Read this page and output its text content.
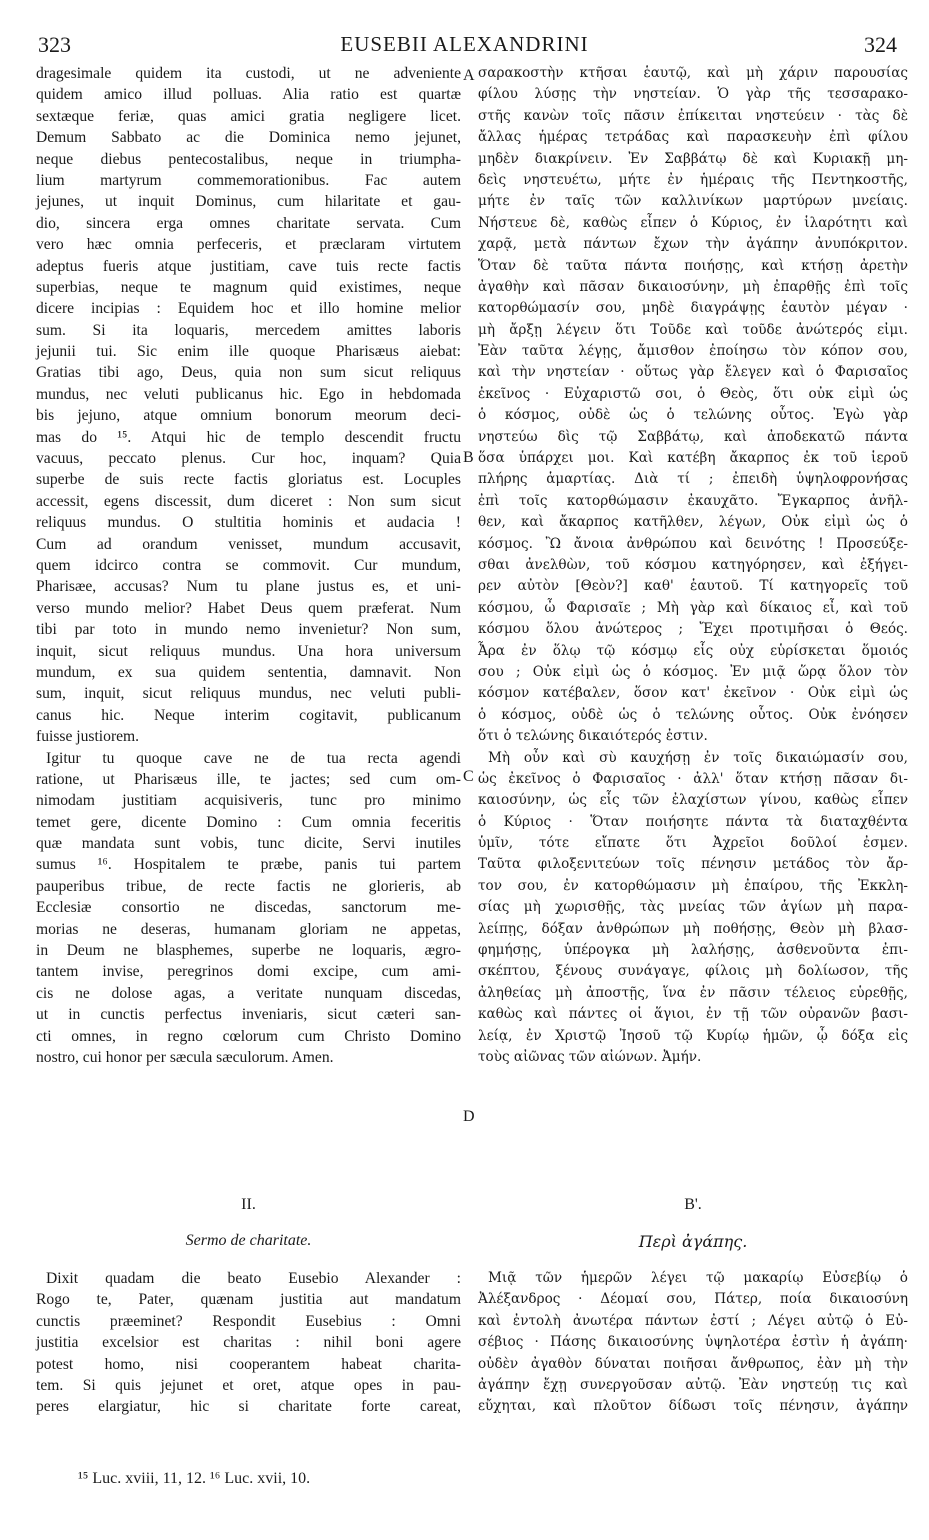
323	EUSEBII ALEXANDRINI	324
dragesimale quidem ita custodi, ut ne adveniente
quidem amico illud polluas. Alia ratio est quartæ
sextæque feriæ, quas amici gratia negligere licet.
Demum Sabbato ac die Dominica nemo jejunet,
neque diebus pentecostalibus, neque in triumpha-
lium martyrum commemorationibus. Fac autem
jejunes, ut inquit Dominus, cum hilaritate et gau-
dio, sincera erga omnes charitate servata. Cum
vero hæc omnia perfeceris, et præclaram virtutem
adeptus fueris atque justitiam, cave tuis recte factis
superbias, neque te magnum quid existimes, neque
dicere incipias : Equidem hoc et illo homine melior
sum. Si ita loquaris, mercedem amittes laboris
jejunii tui. Sic enim ille quoque Pharisæus aiebat:
Gratias tibi ago, Deus, quia non sum sicut reliquus
mundus, nec veluti publicanus hic. Ego in hebdomada
bis jejuno, atque omnium bonorum meorum deci-
mas do ¹⁵. Atqui hic de templo descendit fructu
vacuus, peccato plenus. Cur hoc, inquam? Quia
superbe de suis recte factis gloriatus est. Locuples
accessit, egens discessit, dum diceret : Non sum sicut
reliquus mundus. O stultitia hominis et audacia !
Cum ad orandum venisset, mundum accusavit,
quem idcirco contra se commovit. Cur mundum,
Pharisæe, accusas? Num tu plane justus es, et uni-
verso mundo melior? Habet Deus quem præferat. Num
tibi par toto in mundo nemo invenietur? Non sum,
inquit, sicut reliquus mundus. Una hora universum
mundum, ex sua quidem sententia, damnavit. Non
sum, inquit, sicut reliquus mundus, nec veluti publi-
canus hic. Neque interim cogitavit, publicanum
fuisse justiorem.
Igitur tu quoque cave ne de tua recta agendi
ratione, ut Pharisæus ille, te jactes; sed cum om-
nimodam justitiam acquisiveris, tunc pro minimo
temet gere, dicente Domino : Cum omnia feceritis
quæ mandata sunt vobis, tunc dicite, Servi inutiles
sumus ¹⁶. Hospitalem te præbe, panis tui partem
pauperibus tribue, de recte factis ne glorieris, ab
Ecclesiæ consortio ne discedas, sanctorum me-
morias ne deseras, humanam gloriam ne appetas,
in Deum ne blasphemes, superbe ne loquaris, ægro-
tantem invise, peregrinos domi excipe, cum ami-
cis ne dolose agas, a veritate nunquam discedas,
ut in cunctis perfectus inveniaris, sicut cæteri san-
cti omnes, in regno cœlorum cum Christo Domino
nostro, cui honor per sæcula sæculorum. Amen.
σαρακοστὴν κτῆσαι ἑαυτῷ, καὶ μὴ χάριν παρουσίας
φίλου λύσῃς τὴν νηστείαν. Ὁ γὰρ τῆς τεσσαρακο-
στῆς κανὼν τοῖς πᾶσιν ἐπίκειται νηστεύειν · τὰς δὲ
ἄλλας ἡμέρας τετράδας καὶ παρασκευὴν ἐπὶ φίλου
μηδὲν διακρίνειν. Ἐν Σαββάτῳ δὲ καὶ Κυριακῇ μη-
δεὶς νηστευέτω, μήτε ἐν ἡμέραις τῆς Πεντηκοστῆς,
μήτε ἐν ταῖς τῶν καλλινίκων μαρτύρων μνείαις.
Νήστευε δὲ, καθὼς εἶπεν ὁ Κύριος, ἐν ἱλαρότητι καὶ
χαρᾷ, μετὰ πάντων ἔχων τὴν ἀγάπην ἀνυπόκριτον.
Ὅταν δὲ ταῦτα πάντα ποιήσῃς, καὶ κτήσῃ ἀρετὴν
ἀγαθὴν καὶ πᾶσαν δικαιοσύνην, μὴ ἐπαρθῇς ἐπὶ τοῖς
κατορθώμασίν σου, μηδὲ διαγράψῃς ἑαυτὸν μέγαν ·
μὴ ἄρξῃ λέγειν ὅτι Τοῦδε καὶ τοῦδε ἀνώτερός εἰμι.
Ἐὰν ταῦτα λέγῃς, ἄμισθον ἐποίησω τὸν κόπον σου,
καὶ τὴν νηστείαν · οὕτως γὰρ ἔλεγεν καὶ ὁ Φαρισαῖος
ἐκεῖνος · Εὐχαριστῶ σοι, ὁ Θεὸς, ὅτι οὐκ εἰμὶ ὡς
ὁ κόσμος, οὐδὲ ὡς ὁ τελώνης οὗτος. Ἐγὼ γὰρ
νηστεύω δὶς τῷ Σαββάτῳ, καὶ ἀποδεκατῶ πάντα
ὅσα ὑπάρχει μοι. Καὶ κατέβη ἄκαρπος ἐκ τοῦ ἱεροῦ
πλήρης ἁμαρτίας. Διὰ τί ; ἐπειδὴ ὑψηλοφρονήσας
ἐπὶ τοῖς κατορθώμασιν ἐκαυχᾶτο. Ἔγκαρπος ἀνῆλ-
θεν, καὶ ἄκαρπος κατῆλθεν, λέγων, Οὐκ εἰμὶ ὡς ὁ
κόσμος. Ὢ ἄνοια ἀνθρώπου καὶ δεινότης ! Προσεύξε-
σθαι ἀνελθὼν, τοῦ κόσμου κατηγόρησεν, καὶ ἐξήγει-
ρεν αὐτὸν [Θεὸν?] καθ' ἑαυτοῦ. Τί κατηγορεῖς τοῦ
κόσμου, ὦ Φαρισαῖε ; Μὴ γὰρ καὶ δίκαιος εἶ, καὶ τοῦ
κόσμου ὅλου ἀνώτερος ; Ἔχει προτιμῆσαι ὁ Θεός.
Ἆρα ἐν ὅλῳ τῷ κόσμῳ εἷς οὐχ εὑρίσκεται ὅμοιός
σου ; Οὐκ εἰμὶ ὡς ὁ κόσμος. Ἐν μιᾷ ὥρᾳ ὅλον τὸν
κόσμον κατέβαλεν, ὅσον κατ' ἐκεῖνον · Οὐκ εἰμὶ ὡς
ὁ κόσμος, οὐδὲ ὡς ὁ τελώνης οὗτος. Οὐκ ἐνόησεν
ὅτι ὁ τελώνης δικαιότερός ἐστιν.
Μὴ οὖν καὶ σὺ καυχήσῃ ἐν τοῖς δικαιώμασίν σου,
ὡς ἐκεῖνος ὁ Φαρισαῖος · ἀλλ' ὅταν κτήσῃ πᾶσαν δι-
καιοσύνην, ὡς εἷς τῶν ἐλαχίστων γίνου, καθὼς εἶπεν
ὁ Κύριος · Ὅταν ποιήσητε πάντα τὰ διαταχθέντα
ὑμῖν, τότε εἴπατε ὅτι Ἀχρεῖοι δοῦλοί ἐσμεν.
Ταῦτα φιλοξενιτεύων τοῖς πένησιν μετάδος τὸν ἄρ-
τον σου, ἐν κατορθώμασιν μὴ ἐπαίρου, τῆς Ἐκκλη-
σίας μὴ χωρισθῇς, τὰς μνείας τῶν ἁγίων μὴ παρα-
λείπῃς, δόξαν ἀνθρώπων μὴ ποθήσῃς, Θεὸν μὴ βλασ-
φημήσῃς, ὑπέρογκα μὴ λαλήσῃς, ἀσθενοῦντα ἐπι-
σκέπτου, ξένους συνάγαγε, φίλοις μὴ δολίωσον, τῆς
ἀληθείας μὴ ἀποστῇς, ἵνα ἐν πᾶσιν τέλειος εὑρεθῇς,
καθὼς καὶ πάντες οἱ ἅγιοι, ἐν τῇ τῶν οὐρανῶν βασι-
λείᾳ, ἐν Χριστῷ Ἰησοῦ τῷ Κυρίῳ ἡμῶν, ᾧ δόξα εἰς
τοὺς αἰῶνας τῶν αἰώνων. Ἀμήν.
A
B
C
D
II.
Sermo de charitate.
Β'.
Περὶ ἀγάπης.
Dixit quadam die beato Eusebio Alexander :
Rogo te, Pater, quænam justitia aut mandatum
cunctis præeminet? Respondit Eusebius : Omni
justitia excelsior est charitas : nihil boni agere
potest homo, nisi cooperantem habeat charita-
tem. Si quis jejunet et oret, atque opes in pau-
peres elargiatur, hic si charitate forte careat,
Μιᾷ τῶν ἡμερῶν λέγει τῷ μακαρίῳ Εὐσεβίῳ ὁ
Ἀλέξανδρος · Δέομαί σου, Πάτερ, ποία δικαιοσύνη
καὶ ἐντολὴ ἀνωτέρα πάντων ἐστί ; Λέγει αὐτῷ ὁ Εὐ-
σέβιος · Πάσης δικαιοσύνης ὑψηλοτέρα ἐστὶν ἡ ἀγάπη·
οὐδὲν ἀγαθὸν δύναται ποιῆσαι ἄνθρωπος, ἐὰν μὴ τὴν
ἀγάπην ἔχῃ συνεργοῦσαν αὐτῷ. Ἐὰν νηστεύῃ τις καὶ
εὔχηται, καὶ πλοῦτον δίδωσι τοῖς πένησιν, ἀγάπην
¹⁵ Luc. xviii, 11, 12. ¹⁶ Luc. xvii, 10.
